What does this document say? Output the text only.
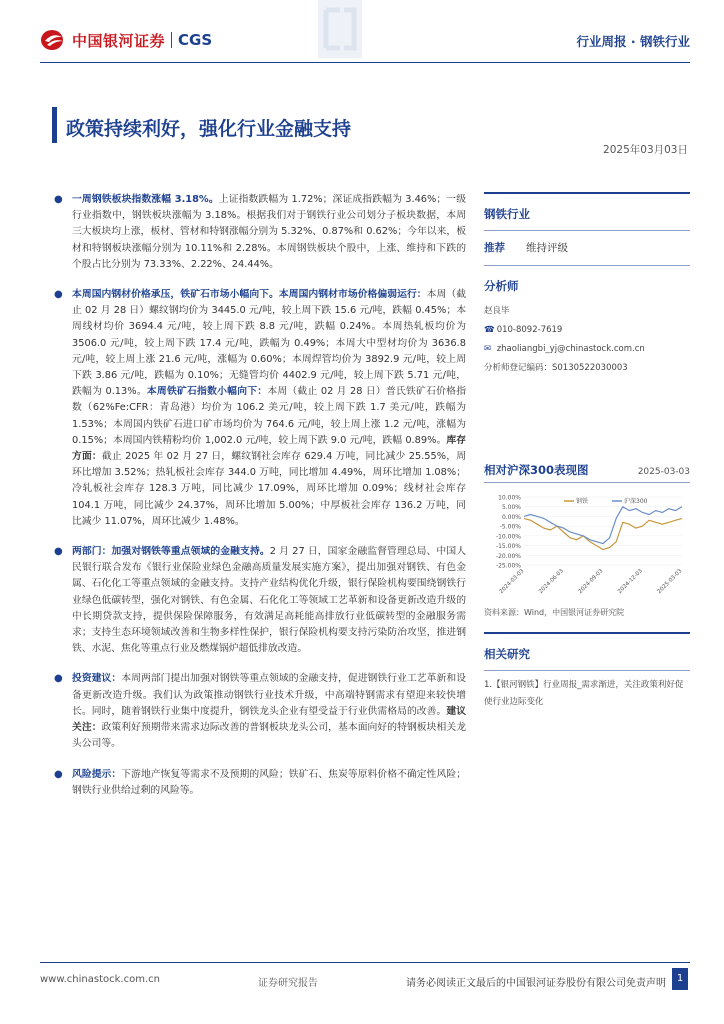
中国银河证券 CGS	行业周报 · 钢铁行业
政策持续利好，强化行业金融支持
2025年03月03日
● 一周钢铁板块指数涨幅 3.18%。上证指数跌幅为 1.72%；深证成指跌幅为 3.46%；一级行业指数中，钢铁板块涨幅为 3.18%。根据我们对于钢铁行业公司划分子板块数据，本周三大板块均上涨，板材、管材和特钢涨幅分别为 5.32%、0.87%和 0.62%；今年以来，板材和特钢板块涨幅分别为 10.11%和 2.28%。本周钢铁板块个股中，上涨、维持和下跌的个股占比分别为 73.33%、2.22%、24.44%。
● 本周国内钢材价格承压，铁矿石市场小幅向下。本周国内钢材市场价格偏弱运行：本周（截止 02 月 28 日）螺纹钢均价为 3445.0 元/吨，较上周下跌 15.6 元/吨，跌幅 0.45%；本周线材均价 3694.4 元/吨，较上周下跌 8.8 元/吨，跌幅 0.24%。本周热轧板均价为 3506.0 元/吨，较上周下跌 17.4 元/吨，跌幅为 0.49%；本周大中型材均价为 3636.8 元/吨，较上周上涨 21.6 元/吨，涨幅为 0.60%；本周焊管均价为 3892.9 元/吨，较上周下跌 3.86 元/吨，跌幅为 0.10%；无缝管均价 4402.9 元/吨，较上周下跌 5.71 元/吨，跌幅为 0.13%。本周铁矿石指数小幅向下：本周（截止 02 月 28 日）普氏铁矿石价格指数（62%Fe:CFR：青岛港）均价为 106.2 美元/吨，较上周下跌 1.7 美元/吨，跌幅为 1.53%；本周国内铁矿石进口矿市场均价为 764.6 元/吨，较上周上涨 1.2 元/吨，涨幅为 0.15%；本周国内铁精粉均价 1,002.0 元/吨，较上周下跌 9.0 元/吨，跌幅 0.89%。库存方面：截止 2025 年 02 月 27 日，螺纹钢社会库存 629.4 万吨，同比减少 25.55%，周环比增加 3.52%；热轧板社会库存 344.0 万吨，同比增加 4.49%，周环比增加 1.08%；冷轧板社会库存 128.3 万吨，同比减少 17.09%，周环比增加 0.09%；线材社会库存 104.1 万吨，同比减少 24.37%，周环比增加 5.00%；中厚板社会库存 136.2 万吨，同比减少 11.07%，周环比减少 1.48%。
● 两部门：加强对钢铁等重点领域的金融支持。2 月 27 日，国家金融监督管理总局、中国人民银行联合发布《银行业保险业绿色金融高质量发展实施方案》，提出加强对钢铁、有色金属、石化化工等重点领域的金融支持。支持产业结构优化升级，银行保险机构要围绕钢铁行业绿色低碳转型，强化对钢铁、有色金属、石化化工等领域工艺革新和设备更新改造升级的中长期贷款支持，提供保险保障服务，有效满足高耗能高排放行业低碳转型的金融服务需求；支持生态环境领域改善和生物多样性保护，银行保险机构要支持污染防治攻坚，推进钢铁、水泥、焦化等重点行业及燃煤锅炉超低排放改造。
● 投资建议：本周两部门提出加强对钢铁等重点领域的金融支持，促进钢铁行业工艺革新和设备更新改造升级。我们认为政策推动钢铁行业技术升级，中高端特钢需求有望迎来较快增长。同时，随着钢铁行业集中度提升，钢铁龙头企业有望受益于行业供需格局的改善。建议关注：政策利好预期带来需求边际改善的普钢板块龙头公司，基本面向好的特钢板块相关龙头公司等。
● 风险提示：下游地产恢复等需求不及预期的风险；铁矿石、焦炭等原料价格不确定性风险；钢铁行业供给过剩的风险等。
钢铁行业
推荐	维持评级
分析师
赵良毕
☎ 010-8092-7619
✉ zhaoliangbi_yj@chinastock.com.cn
分析师登记编码：S0130522030003
相对沪深300表现图	2025-03-03
10.00%
5.00%
0.00%
-5.00%
-10.00%
-15.00%
-20.00%
-25.00%
2024-03-03 2024-06-03 2024-09-03 2024-12-03 2025-03-03
钢铁	沪深300
资料来源：Wind，中国银河证券研究院
相关研究
1.【银河钢铁】行业周报_需求渐进，关注政策利好促使行业边际变化
www.chinastock.com.cn	证券研究报告	请务必阅读正文最后的中国银河证券股份有限公司免责声明	1
